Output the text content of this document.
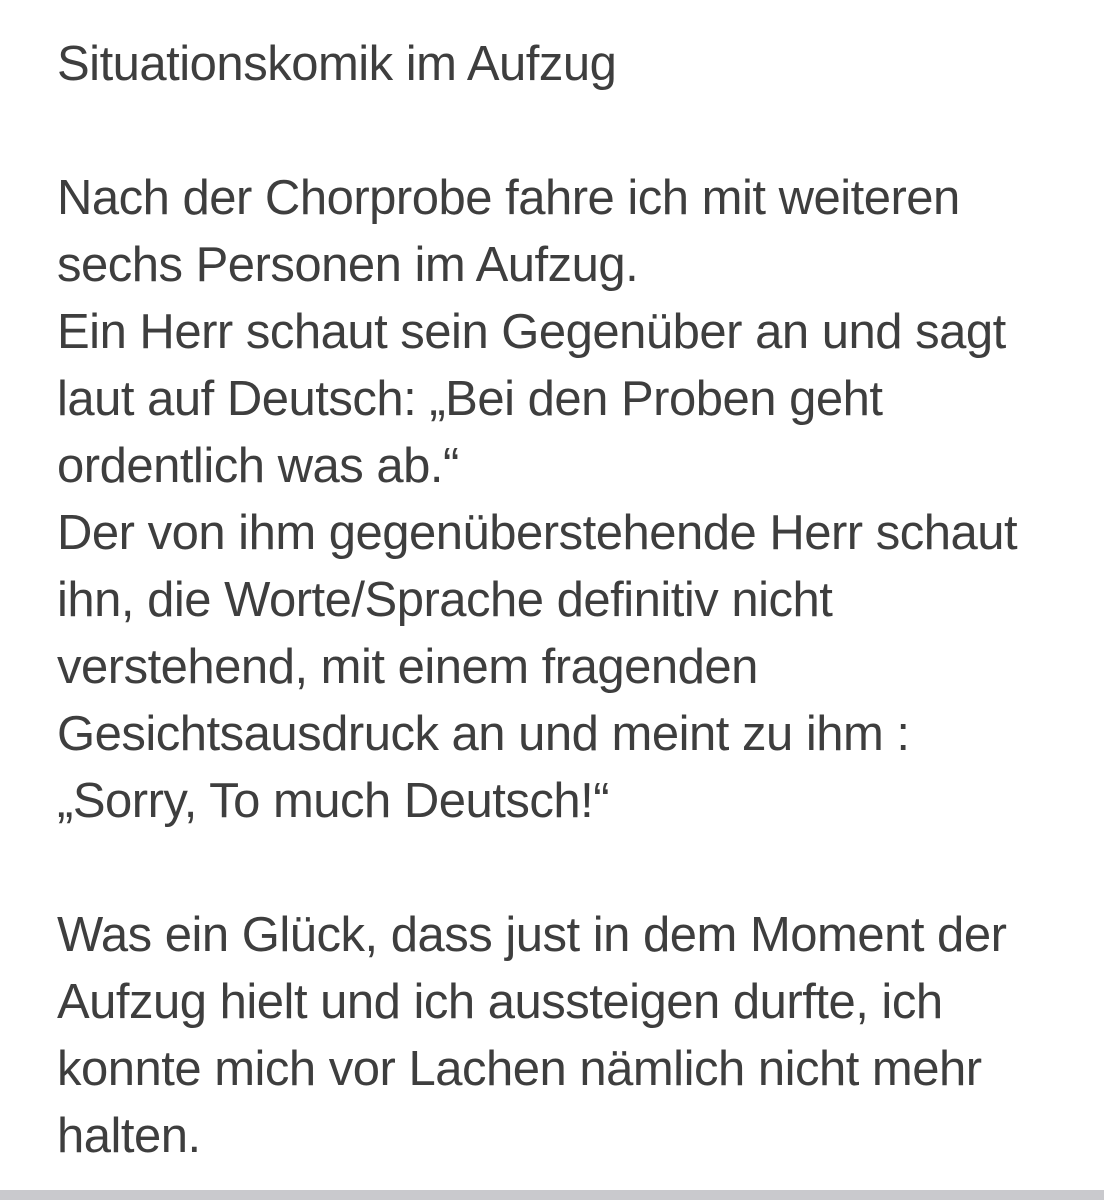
Situationskomik im Aufzug
Nach der Chorprobe fahre ich mit weiteren
sechs Personen im Aufzug.
Ein Herr schaut sein Gegenüber an und sagt
laut auf Deutsch: „Bei den Proben geht
ordentlich was ab.“
Der von ihm gegenüberstehende Herr schaut
ihn, die Worte/Sprache definitiv nicht
verstehend, mit einem fragenden
Gesichtsausdruck an und meint zu ihm :
„Sorry, To much Deutsch!“
Was ein Glück, dass just in dem Moment der
Aufzug hielt und ich aussteigen durfte, ich
konnte mich vor Lachen nämlich nicht mehr
halten.
